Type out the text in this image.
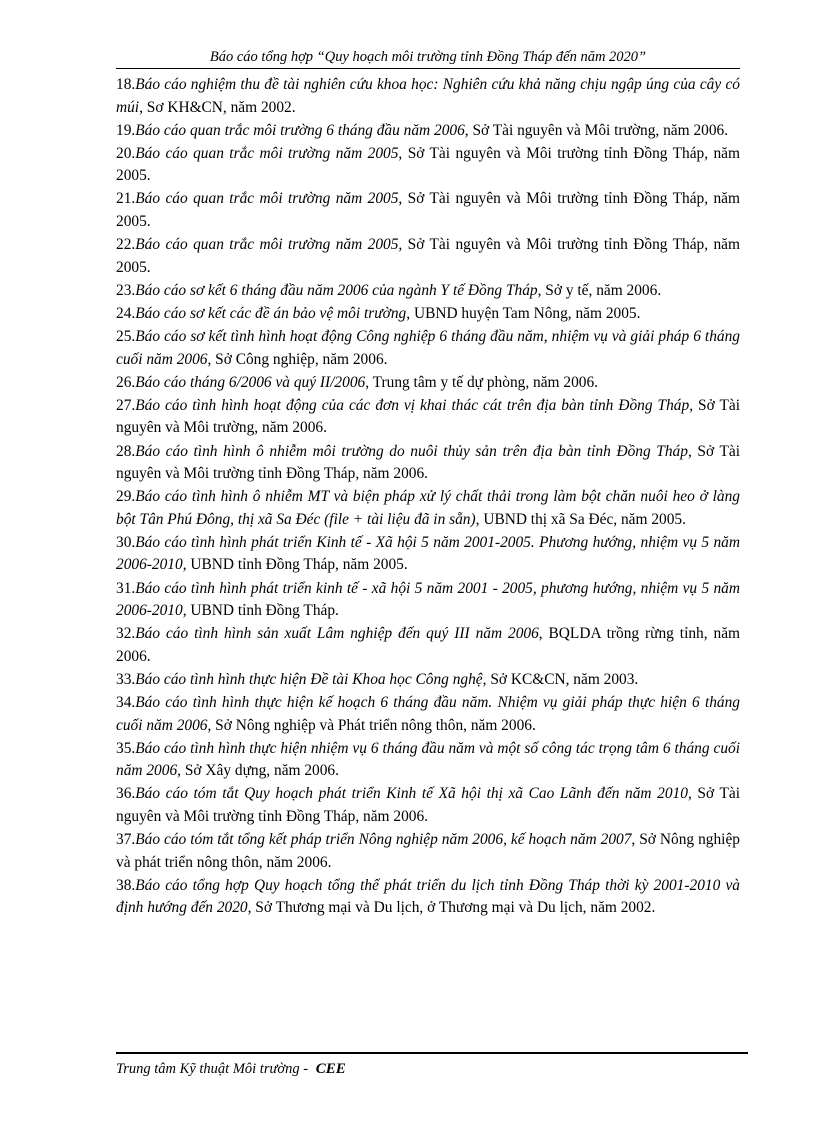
Báo cáo tổng hợp “Quy hoạch môi trường tỉnh Đồng Tháp đến năm 2020”
18.Báo cáo nghiệm thu đề tài nghiên cứu khoa học: Nghiên cứu khả năng chịu ngập úng của cây có múi, Sơ KH&CN, năm 2002.
19.Báo cáo quan trắc môi trường 6 tháng đầu năm 2006, Sở Tài nguyên và Môi trường, năm 2006.
20.Báo cáo quan trắc môi trường năm 2005, Sở Tài nguyên và Môi trường tỉnh Đồng Tháp, năm 2005.
21.Báo cáo quan trắc môi trường năm 2005, Sở Tài nguyên và Môi trường tỉnh Đồng Tháp, năm 2005.
22.Báo cáo quan trắc môi trường năm 2005, Sở Tài nguyên và Môi trường tỉnh Đồng Tháp, năm 2005.
23.Báo cáo sơ kết 6 tháng đầu năm 2006 của ngành Y tế Đồng Tháp, Sở y tế, năm 2006.
24.Báo cáo sơ kết các đề án bảo vệ môi trường, UBND huyện Tam Nông, năm 2005.
25.Báo cáo sơ kết tình hình hoạt động Công nghiệp 6 tháng đầu năm, nhiệm vụ và giải pháp 6 tháng cuối năm 2006, Sở Công nghiệp, năm 2006.
26.Báo cáo tháng 6/2006 và quý II/2006, Trung tâm y tế dự phòng, năm 2006.
27.Báo cáo tình hình hoạt động của các đơn vị khai thác cát trên địa bàn tỉnh Đồng Tháp, Sở Tài nguyên và Môi trường, năm 2006.
28.Báo cáo tình hình ô nhiễm môi trường do nuôi thủy sản trên địa bàn tỉnh Đồng Tháp, Sở Tài nguyên và Môi trường tỉnh Đồng Tháp, năm 2006.
29.Báo cáo tình hình ô nhiễm MT và biện pháp xử lý chất thải trong làm bột chăn nuôi heo ở làng bột Tân Phú Đông, thị xã Sa Đéc (file + tài liệu đã in sẵn), UBND thị xã Sa Đéc, năm 2005.
30.Báo cáo tình hình phát triển Kinh tế - Xã hội 5 năm 2001-2005. Phương hướng, nhiệm vụ 5 năm 2006-2010, UBND tỉnh Đồng Tháp, năm 2005.
31.Báo cáo tình hình phát triển kinh tế - xã hội 5 năm 2001 - 2005, phương hướng, nhiệm vụ 5 năm 2006-2010, UBND tỉnh Đồng Tháp.
32.Báo cáo tình hình sản xuất Lâm nghiệp đến quý III năm 2006, BQLDA trồng rừng tỉnh, năm 2006.
33.Báo cáo tình hình thực hiện Đề tài Khoa học Công nghệ, Sở KC&CN, năm 2003.
34.Báo cáo tình hình thực hiện kế hoạch 6 tháng đầu năm. Nhiệm vụ giải pháp thực hiện 6 tháng cuối năm 2006, Sở Nông nghiệp và Phát triển nông thôn, năm 2006.
35.Báo cáo tình hình thực hiện nhiệm vụ 6 tháng đầu năm và một số công tác trọng tâm 6 tháng cuối năm 2006, Sở Xây dựng, năm 2006.
36.Báo cáo tóm tắt Quy hoạch phát triển Kinh tế Xã hội thị xã Cao Lãnh đến năm 2010, Sở Tài nguyên và Môi trường tỉnh Đồng Tháp, năm 2006.
37.Báo cáo tóm tắt tổng kết pháp triển Nông nghiệp năm 2006, kế hoạch năm 2007, Sở Nông nghiệp và phát triển nông thôn, năm 2006.
38.Báo cáo tổng hợp Quy hoạch tổng thể phát triển du lịch tỉnh Đồng Tháp thời kỳ 2001-2010 và định hướng đến 2020, Sở Thương mại và Du lịch, ở Thương mại và Du lịch, năm 2002.
Trung tâm Kỹ thuật Môi trường - CEE
